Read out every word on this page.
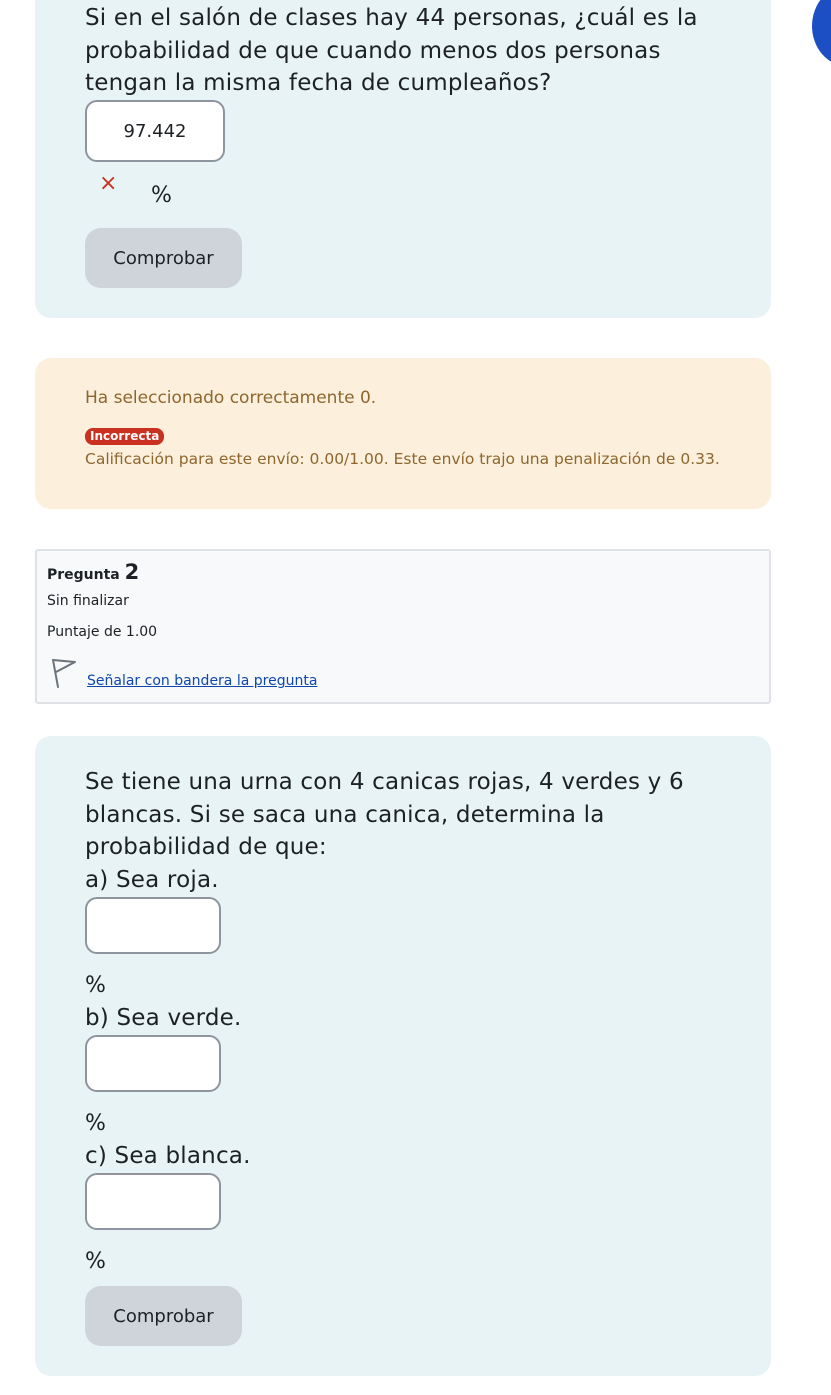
Si en el salón de clases hay 44 personas, ¿cuál es la probabilidad de que cuando menos dos personas tengan la misma fecha de cumpleaños?

97.442
× %
Comprobar
Ha seleccionado correctamente 0.
Incorrecta
Calificación para este envío: 0.00/1.00. Este envío trajo una penalización de 0.33.
Pregunta 2
Sin finalizar
Puntaje de 1.00
Señalar con bandera la pregunta

Se tiene una urna con 4 canicas rojas, 4 verdes y 6 blancas. Si se saca una canica, determina la probabilidad de que:

a) Sea roja.
%
b) Sea verde.
%
c) Sea blanca.
%
Comprobar
